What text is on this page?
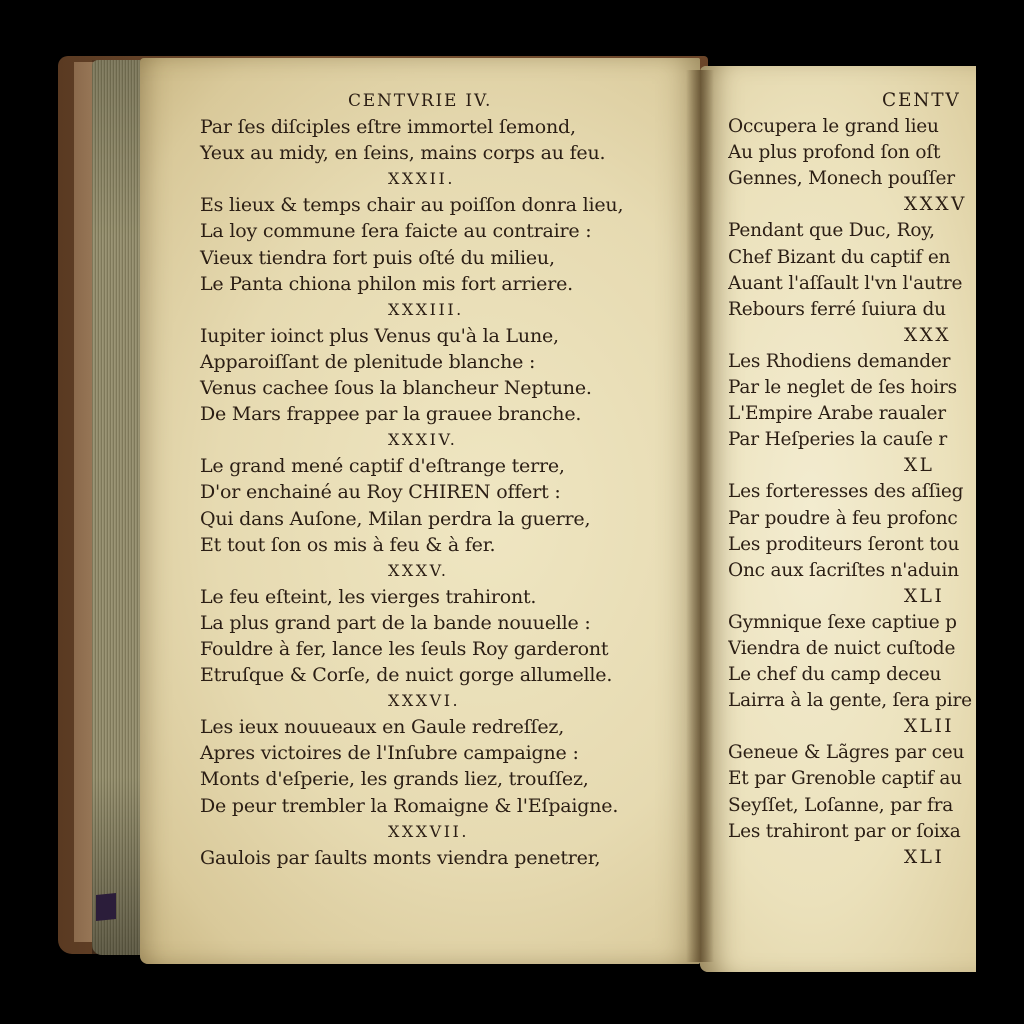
CENTVRIE IV.
Par ſes diſciples eſtre immortel ſemond,
Yeux au midy, en ſeins, mains corps au feu.
XXXII.
Es lieux & temps chair au poiſſon donra lieu,
La loy commune ſera faicte au contraire :
Vieux tiendra fort puis oſté du milieu,
Le Panta chiona philon mis fort arriere.
XXXIII.
Iupiter ioinct plus Venus qu'à la Lune,
Apparoiſſant de plenitude blanche :
Venus cachee ſous la blancheur Neptune.
De Mars frappee par la grauee branche.
XXXIV.
Le grand mené captif d'eſtrange terre,
D'or enchainé au Roy CHIREN offert :
Qui dans Auſone, Milan perdra la guerre,
Et tout ſon os mis à feu & à fer.
XXXV.
Le feu eſteint, les vierges trahiront.
La plus grand part de la bande nouuelle :
Fouldre à fer, lance les ſeuls Roy garderont
Etruſque & Corſe, de nuict gorge allumelle.
XXXVI.
Les ieux nouueaux en Gaule redreſſez,
Apres victoires de l'Inſubre campaigne :
Monts d'eſperie, les grands liez, trouſſez,
De peur trembler la Romaigne & l'Eſpaigne.
XXXVII.
Gaulois par ſaults monts viendra penetrer,
CENTV
Occupera le grand lieu
Au plus profond ſon oſt
Gennes, Monech pouſſer
XXXV
Pendant que Duc, Roy,
Chef Bizant du captif en
Auant l'aſſault l'vn l'autre
Rebours ferré ſuiura du
XXX
Les Rhodiens demander
Par le neglet de ſes hoirs
L'Empire Arabe raualer
Par Heſperies la cauſe r
XL
Les forteresses des aſſieg
Par poudre à feu profonc
Les proditeurs ſeront tou
Onc aux ſacriſtes n'aduin
XLI
Gymnique ſexe captiue p
Viendra de nuict cuſtode
Le chef du camp deceu
Lairra à la gente, ſera pire
XLII
Geneue & Lãgres par ceu
Et par Grenoble captif au
Seyſſet, Loſanne, par fra
Les trahiront par or ſoixa
XLI
